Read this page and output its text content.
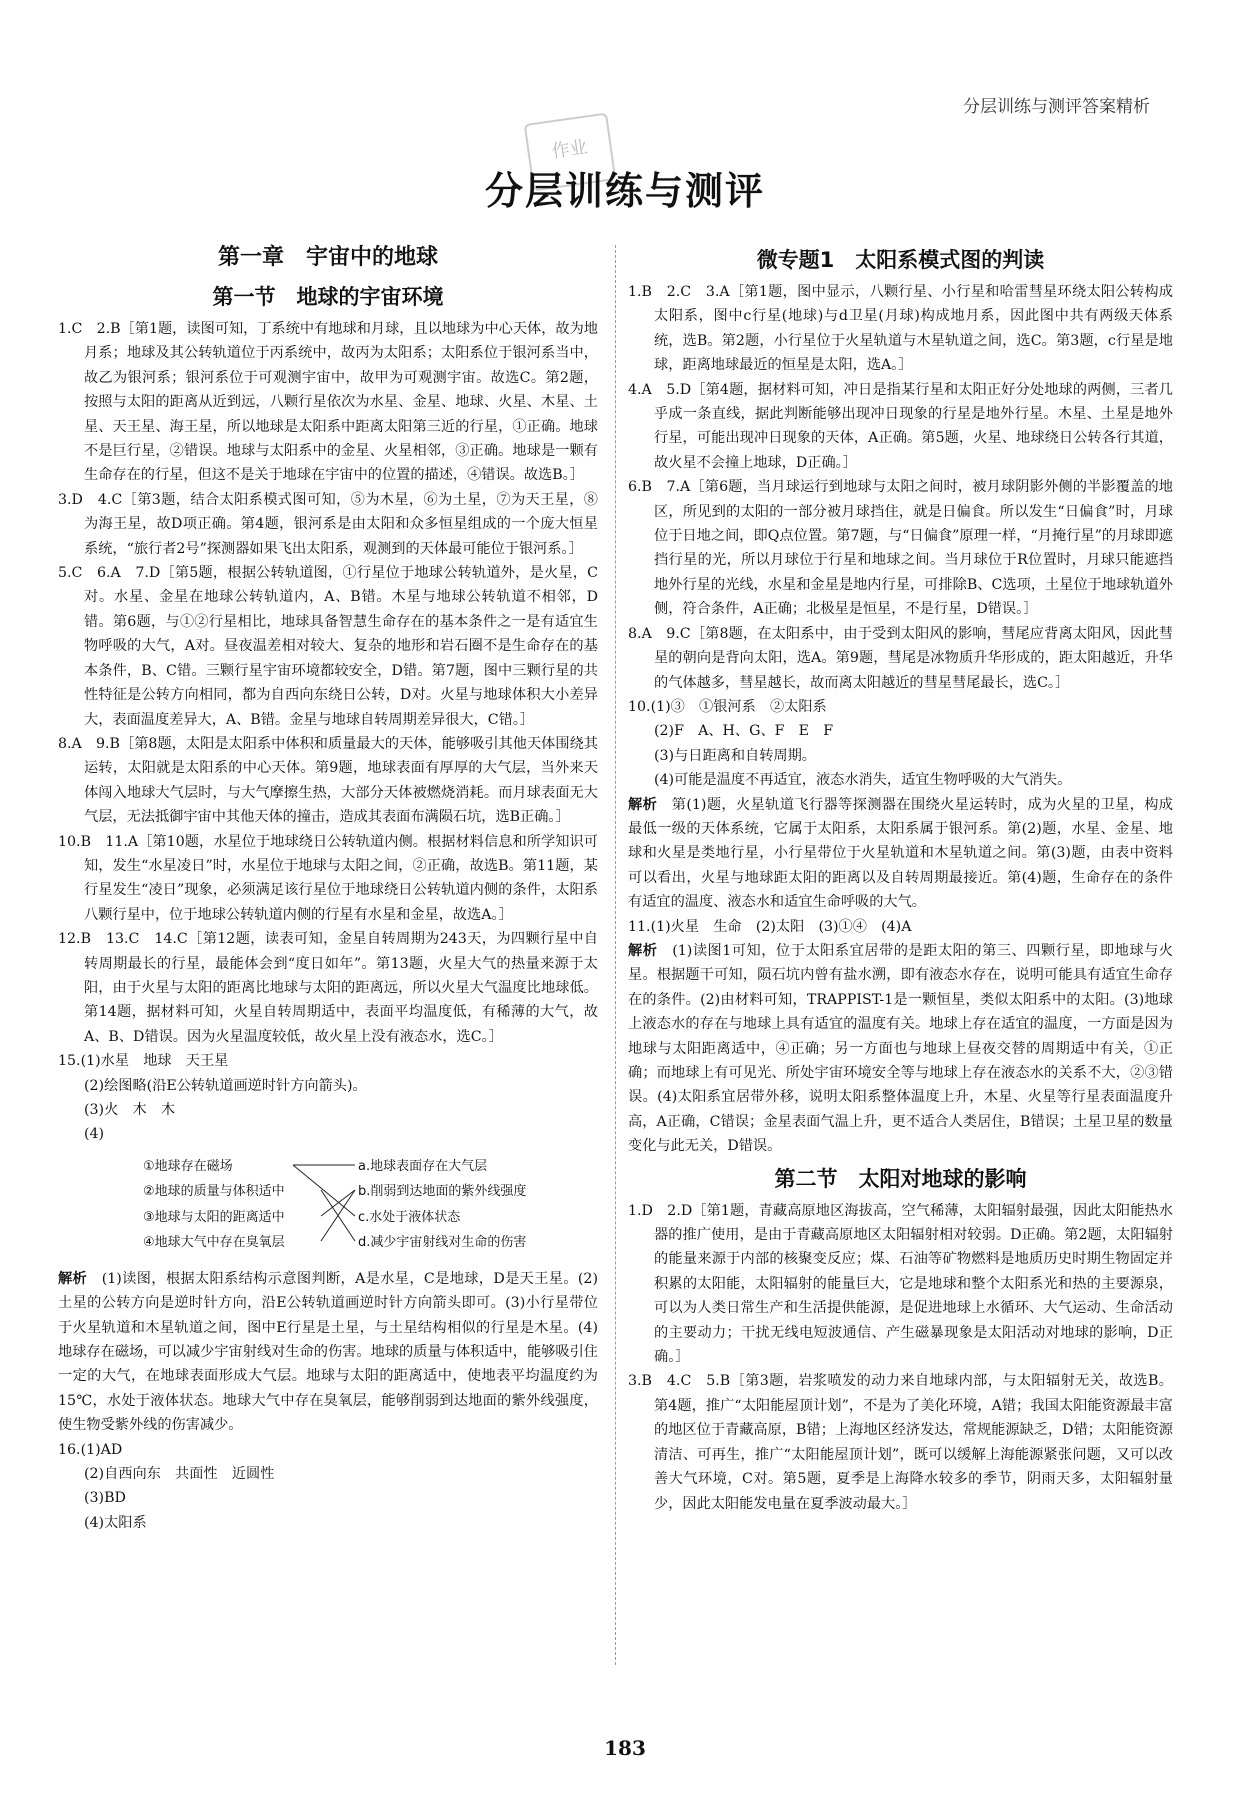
分层训练与测评答案精析
作业
分层训练与测评
第一章　宇宙中的地球
第一节　地球的宇宙环境

1.C　2.B［第1题，读图可知，丁系统中有地球和月球，且以地球为中心天体，故为地月系；地球及其公转轨道位于丙系统中，故丙为太阳系；太阳系位于银河系当中，故乙为银河系；银河系位于可观测宇宙中，故甲为可观测宇宙。故选C。第2题，按照与太阳的距离从近到远，八颗行星依次为水星、金星、地球、火星、木星、土星、天王星、海王星，所以地球是太阳系中距离太阳第三近的行星，①正确。地球不是巨行星，②错误。地球与太阳系中的金星、火星相邻，③正确。地球是一颗有生命存在的行星，但这不是关于地球在宇宙中的位置的描述，④错误。故选B。］

3.D　4.C［第3题，结合太阳系模式图可知，⑤为木星，⑥为土星，⑦为天王星，⑧为海王星，故D项正确。第4题，银河系是由太阳和众多恒星组成的一个庞大恒星系统，“旅行者2号”探测器如果飞出太阳系，观测到的天体最可能位于银河系。］

5.C　6.A　7.D［第5题，根据公转轨道图，①行星位于地球公转轨道外，是火星，C对。水星、金星在地球公转轨道内，A、B错。木星与地球公转轨道不相邻，D错。第6题，与①②行星相比，地球具备智慧生命存在的基本条件之一是有适宜生物呼吸的大气，A对。昼夜温差相对较大、复杂的地形和岩石圈不是生命存在的基本条件，B、C错。三颗行星宇宙环境都较安全，D错。第7题，图中三颗行星的共性特征是公转方向相同，都为自西向东绕日公转，D对。火星与地球体积大小差异大，表面温度差异大，A、B错。金星与地球自转周期差异很大，C错。］

8.A　9.B［第8题，太阳是太阳系中体积和质量最大的天体，能够吸引其他天体围绕其运转，太阳就是太阳系的中心天体。第9题，地球表面有厚厚的大气层，当外来天体闯入地球大气层时，与大气摩擦生热，大部分天体被燃烧消耗。而月球表面无大气层，无法抵御宇宙中其他天体的撞击，造成其表面布满陨石坑，选B正确。］

10.B　11.A［第10题，水星位于地球绕日公转轨道内侧。根据材料信息和所学知识可知，发生“水星凌日”时，水星位于地球与太阳之间，②正确，故选B。第11题，某行星发生“凌日”现象，必须满足该行星位于地球绕日公转轨道内侧的条件，太阳系八颗行星中，位于地球公转轨道内侧的行星有水星和金星，故选A。］

12.B　13.C　14.C［第12题，读表可知，金星自转周期为243天，为四颗行星中自转周期最长的行星，最能体会到“度日如年”。第13题，火星大气的热量来源于太阳，由于火星与太阳的距离比地球与太阳的距离远，所以火星大气温度比地球低。第14题，据材料可知，火星自转周期适中，表面平均温度低，有稀薄的大气，故A、B、D错误。因为火星温度较低，故火星上没有液态水，选C。］

15.(1)水星　地球　天王星

(2)绘图略(沿E公转轨道画逆时针方向箭头)。

(3)火　木　木

(4)

①地球存在磁场
②地球的质量与体积适中
③地球与太阳的距离适中
④地球大气中存在臭氧层
a.地球表面存在大气层
b.削弱到达地面的紫外线强度
c.水处于液体状态
d.减少宇宙射线对生命的伤害

解析　 (1)读图，根据太阳系结构示意图判断，A是水星，C是地球，D是天王星。(2)土星的公转方向是逆时针方向，沿E公转轨道画逆时针方向箭头即可。(3)小行星带位于火星轨道和木星轨道之间，图中E行星是土星，与土星结构相似的行星是木星。(4)地球存在磁场，可以减少宇宙射线对生命的伤害。地球的质量与体积适中，能够吸引住一定的大气，在地球表面形成大气层。地球与太阳的距离适中，使地表平均温度约为15℃，水处于液体状态。地球大气中存在臭氧层，能够削弱到达地面的紫外线强度，使生物受紫外线的伤害减少。

16.(1)AD

(2)自西向东　共面性　近圆性

(3)BD

(4)太阳系

微专题1　太阳系模式图的判读

1.B　2.C　3.A［第1题，图中显示，八颗行星、小行星和哈雷彗星环绕太阳公转构成太阳系，图中c行星(地球)与d卫星(月球)构成地月系，因此图中共有两级天体系统，选B。第2题，小行星位于火星轨道与木星轨道之间，选C。第3题，c行星是地球，距离地球最近的恒星是太阳，选A。］

4.A　5.D［第4题，据材料可知，冲日是指某行星和太阳正好分处地球的两侧，三者几乎成一条直线，据此判断能够出现冲日现象的行星是地外行星。木星、土星是地外行星，可能出现冲日现象的天体，A正确。第5题，火星、地球绕日公转各行其道，故火星不会撞上地球，D正确。］

6.B　7.A［第6题，当月球运行到地球与太阳之间时，被月球阴影外侧的半影覆盖的地区，所见到的太阳的一部分被月球挡住，就是日偏食。所以发生“日偏食”时，月球位于日地之间，即Q点位置。第7题，与“日偏食”原理一样，“月掩行星”的月球即遮挡行星的光，所以月球位于行星和地球之间。当月球位于R位置时，月球只能遮挡地外行星的光线，水星和金星是地内行星，可排除B、C选项，土星位于地球轨道外侧，符合条件，A正确；北极星是恒星，不是行星，D错误。］

8.A　9.C［第8题，在太阳系中，由于受到太阳风的影响，彗尾应背离太阳风，因此彗星的朝向是背向太阳，选A。第9题，彗尾是冰物质升华形成的，距太阳越近，升华的气体越多，彗星越长，故而离太阳越近的彗星彗尾最长，选C。］

10.(1)③　①银河系　②太阳系

(2)F　A、H、G、F　E　F

(3)与日距离和自转周期。

(4)可能是温度不再适宜，液态水消失，适宜生物呼吸的大气消失。

解析　 第(1)题，火星轨道飞行器等探测器在围绕火星运转时，成为火星的卫星，构成最低一级的天体系统，它属于太阳系，太阳系属于银河系。第(2)题，水星、金星、地球和火星是类地行星，小行星带位于火星轨道和木星轨道之间。第(3)题，由表中资料可以看出，火星与地球距太阳的距离以及自转周期最接近。第(4)题，生命存在的条件有适宜的温度、液态水和适宜生命呼吸的大气。

11.(1)火星　生命　(2)太阳　(3)①④　(4)A

解析　 (1)读图1可知，位于太阳系宜居带的是距太阳的第三、四颗行星，即地球与火星。根据题干可知，陨石坑内曾有盐水溯，即有液态水存在，说明可能具有适宜生命存在的条件。(2)由材料可知，TRAPPIST-1是一颗恒星，类似太阳系中的太阳。(3)地球上液态水的存在与地球上具有适宜的温度有关。地球上存在适宜的温度，一方面是因为地球与太阳距离适中，④正确；另一方面也与地球上昼夜交替的周期适中有关，①正确；而地球上有可见光、所处宇宙环境安全等与地球上存在液态水的关系不大，②③错误。(4)太阳系宜居带外移，说明太阳系整体温度上升，木星、火星等行星表面温度升高，A正确，C错误；金星表面气温上升，更不适合人类居住，B错误；土星卫星的数量变化与此无关，D错误。

第二节　太阳对地球的影响

1.D　2.D［第1题，青藏高原地区海拔高，空气稀薄，太阳辐射最强，因此太阳能热水器的推广使用，是由于青藏高原地区太阳辐射相对较弱。D正确。第2题，太阳辐射的能量来源于内部的核聚变反应；煤、石油等矿物燃料是地质历史时期生物固定并积累的太阳能，太阳辐射的能量巨大，它是地球和整个太阳系光和热的主要源泉，可以为人类日常生产和生活提供能源，是促进地球上水循环、大气运动、生命活动的主要动力；干扰无线电短波通信、产生磁暴现象是太阳活动对地球的影响，D正确。］

3.B　4.C　5.B［第3题，岩浆喷发的动力来自地球内部，与太阳辐射无关，故选B。第4题，推广“太阳能屋顶计划”，不是为了美化环境，A错；我国太阳能资源最丰富的地区位于青藏高原，B错；上海地区经济发达，常规能源缺乏，D错；太阳能资源清洁、可再生，推广“太阳能屋顶计划”，既可以缓解上海能源紧张问题，又可以改善大气环境，C对。第5题，夏季是上海降水较多的季节，阴雨天多，太阳辐射量少，因此太阳能发电量在夏季波动最大。］

183
